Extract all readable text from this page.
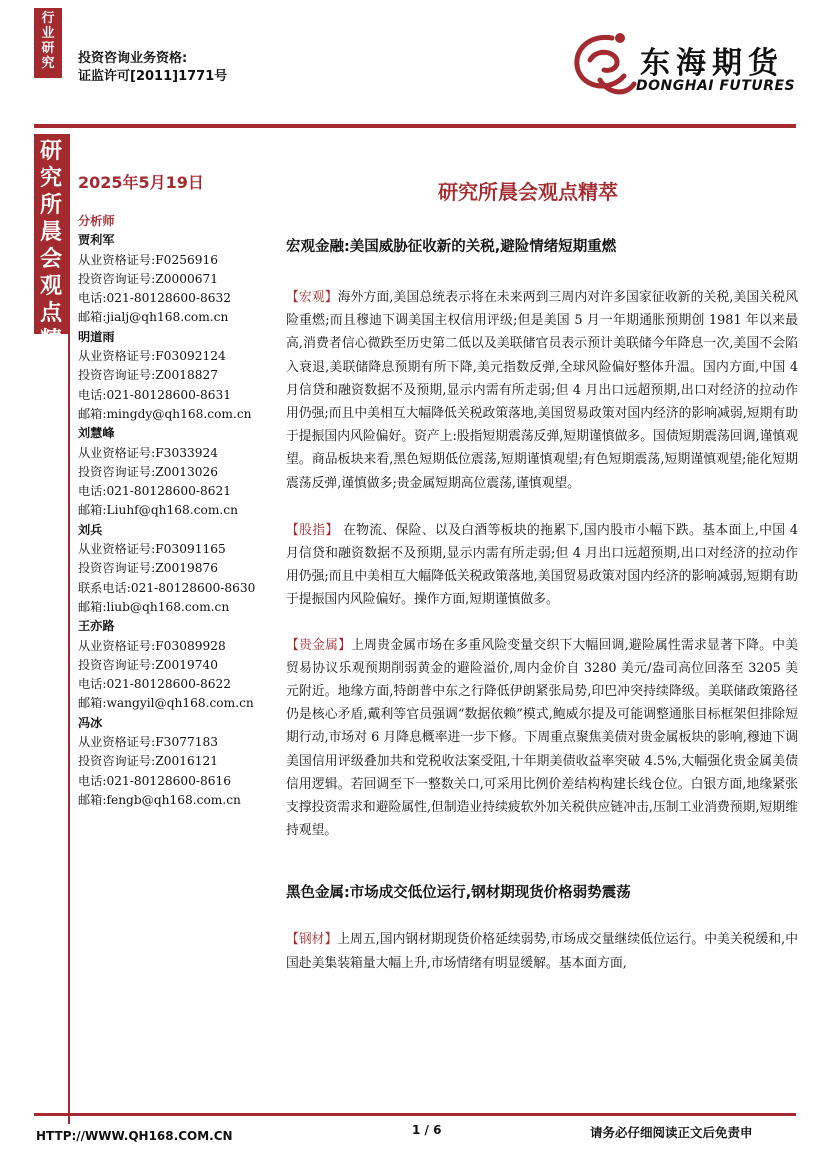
行业研究 投资咨询业务资格:
证监许可[2011]1771号	东海期货
DONGHAI FUTURES
研究所晨会观点精萃
2025年5月19日	研究所晨会观点精萃
分析师
贾利军
从业资格证号:F0256916
投资咨询证号:Z0000671
电话:021-80128600-8632
邮箱:jialj@qh168.com.cn
明道雨
从业资格证号:F03092124
投资咨询证号:Z0018827
电话:021-80128600-8631
邮箱:mingdy@qh168.com.cn
刘慧峰
从业资格证号:F3033924
投资咨询证号:Z0013026
电话:021-80128600-8621
邮箱:Liuhf@qh168.com.cn
刘兵
从业资格证号:F03091165
投资咨询证号:Z0019876
联系电话:021-80128600-8630
邮箱:liub@qh168.com.cn
王亦路
从业资格证号:F03089928
投资咨询证号:Z0019740
电话:021-80128600-8622
邮箱:wangyil@qh168.com.cn
冯冰
从业资格证号:F3077183
投资咨询证号:Z0016121
电话:021-80128600-8616
邮箱:fengb@qh168.com.cn

宏观金融:美国威胁征收新的关税,避险情绪短期重燃

【宏观】海外方面,美国总统表示将在未来两到三周内对许多国家征收新的关税,美国关税风险重燃;而且穆迪下调美国主权信用评级;但是美国 5 月一年期通胀预期创 1981 年以来最高,消费者信心微跌至历史第二低以及美联储官员表示预计美联储今年降息一次,美国不会陷入衰退,美联储降息预期有所下降,美元指数反弹,全球风险偏好整体升温。国内方面,中国 4 月信贷和融资数据不及预期,显示内需有所走弱;但 4 月出口远超预期,出口对经济的拉动作用仍强;而且中美相互大幅降低关税政策落地,美国贸易政策对国内经济的影响减弱,短期有助于提振国内风险偏好。资产上:股指短期震荡反弹,短期谨慎做多。国债短期震荡回调,谨慎观望。商品板块来看,黑色短期低位震荡,短期谨慎观望;有色短期震荡,短期谨慎观望;能化短期震荡反弹,谨慎做多;贵金属短期高位震荡,谨慎观望。

【股指】 在物流、保险、以及白酒等板块的拖累下,国内股市小幅下跌。基本面上,中国 4 月信贷和融资数据不及预期,显示内需有所走弱;但 4 月出口远超预期,出口对经济的拉动作用仍强;而且中美相互大幅降低关税政策落地,美国贸易政策对国内经济的影响减弱,短期有助于提振国内风险偏好。操作方面,短期谨慎做多。

【贵金属】上周贵金属市场在多重风险变量交织下大幅回调,避险属性需求显著下降。中美贸易协议乐观预期削弱黄金的避险溢价,周内金价自 3280 美元/盎司高位回落至 3205 美元附近。地缘方面,特朗普中东之行降低伊朗紧张局势,印巴冲突持续降级。美联储政策路径仍是核心矛盾,戴利等官员强调“数据依赖”模式,鲍威尔提及可能调整通胀目标框架但排除短期行动,市场对 6 月降息概率进一步下修。下周重点聚焦美债对贵金属板块的影响,穆迪下调美国信用评级叠加共和党税收法案受阻,十年期美债收益率突破 4.5%,大幅强化贵金属美债信用逻辑。若回调至下一整数关口,可采用比例价差结构构建长线仓位。白银方面,地缘紧张支撑投资需求和避险属性,但制造业持续疲软外加关税供应链冲击,压制工业消费预期,短期维持观望。

黑色金属:市场成交低位运行,钢材期现货价格弱势震荡

【钢材】上周五,国内钢材期现货价格延续弱势,市场成交量继续低位运行。中美关税缓和,中国赴美集装箱量大幅上升,市场情绪有明显缓解。基本面方面,

HTTP://WWW.QH168.COM.CN	1 / 6	请务必仔细阅读正文后免责申
